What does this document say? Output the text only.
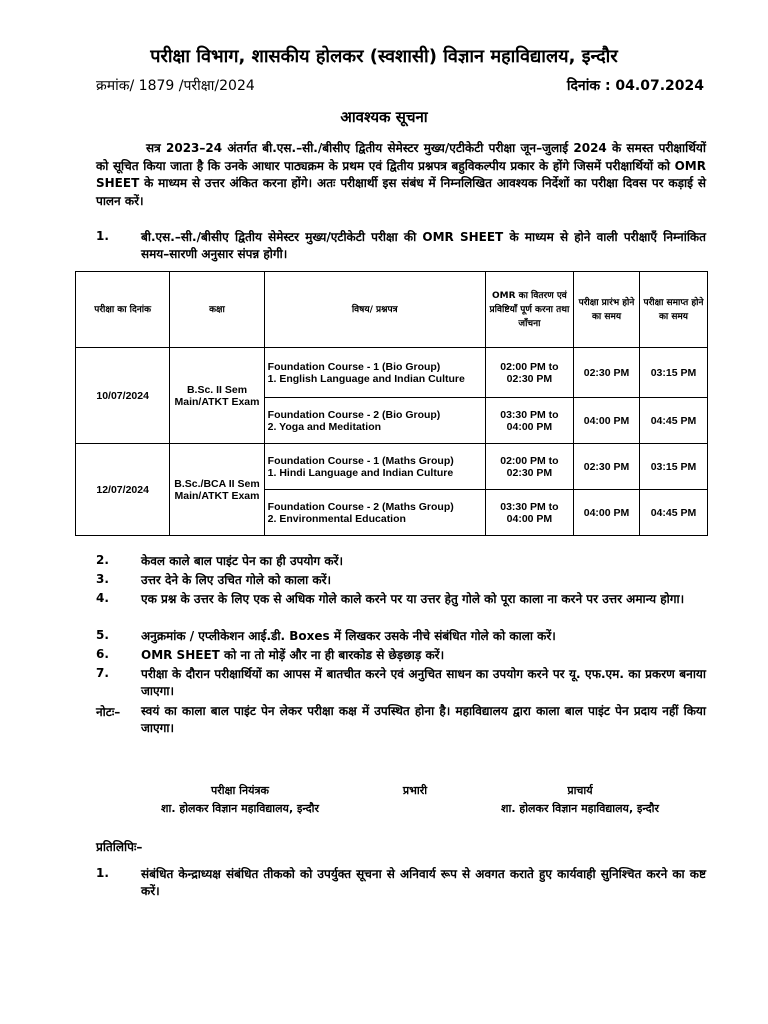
परीक्षा विभाग, शासकीय होलकर (स्वशासी) विज्ञान महाविद्यालय, इन्दौर
क्रमांक/ 1879 /परीक्षा/2024	दिनांक : 04.07.2024
आवश्यक सूचना
सत्र 2023–24 अंतर्गत बी.एस.–सी./बीसीए द्वितीय सेमेस्टर मुख्य/एटीकेटी परीक्षा जून–जुलाई 2024 के समस्त परीक्षार्थियों को सूचित किया जाता है कि उनके आधार पाठ्यक्रम के प्रथम एवं द्वितीय प्रश्नपत्र बहुविकल्पीय प्रकार के होंगे जिसमें परीक्षार्थियों को OMR SHEET के माध्यम से उत्तर अंकित करना होंगे। अतः परीक्षार्थी इस संबंध में निम्नलिखित आवश्यक निर्देशों का परीक्षा दिवस पर कड़ाई से पालन करें।
1.	बी.एस.–सी./बीसीए द्वितीय सेमेस्टर मुख्य/एटीकेटी परीक्षा की OMR SHEET के माध्यम से होने वाली परीक्षाएँ निम्नांकित समय–सारणी अनुसार संपन्न होगी।
परीक्षा का दिनांक	कक्षा	विषय/ प्रश्नपत्र	OMR का वितरण एवं प्रविष्टियाँ पूर्ण करना तथा जाँचना	परीक्षा प्रारंभ होने का समय	परीक्षा समाप्त होने का समय
10/07/2024	B.Sc. II Sem Main/ATKT Exam	Foundation Course - 1 (Bio Group)
1. English Language and Indian Culture	02:00 PM to 02:30 PM	02:30 PM	03:15 PM

		Foundation Course - 2 (Bio Group)
2. Yoga and Meditation	03:30 PM to 04:00 PM	04:00 PM	04:45 PM
12/07/2024	B.Sc./BCA II Sem Main/ATKT Exam	Foundation Course - 1 (Maths Group)
1. Hindi Language and Indian Culture	02:00 PM to 02:30 PM	02:30 PM	03:15 PM

		Foundation Course - 2 (Maths Group)
2. Environmental Education	03:30 PM to 04:00 PM	04:00 PM	04:45 PM
2.	केवल काले बाल पाइंट पेन का ही उपयोग करें।
3.	उत्तर देने के लिए उचित गोले को काला करें।
4.	एक प्रश्न के उत्तर के लिए एक से अधिक गोले काले करने पर या उत्तर हेतु गोले को पूरा काला ना करने पर उत्तर अमान्य होगा।
5.	अनुक्रमांक / एप्लीकेशन आई.डी. Boxes में लिखकर उसके नीचे संबंधित गोले को काला करें।
6.	OMR SHEET को ना तो मोड़ें और ना ही बारकोड से छेड़छाड़ करें।
7.	परीक्षा के दौरान परीक्षार्थियों का आपस में बातचीत करने एवं अनुचित साधन का उपयोग करने पर यू. एफ.एम. का प्रकरण बनाया जाएगा।
नोटः– स्वयं का काला बाल पाइंट पेन लेकर परीक्षा कक्ष में उपस्थित होना है। महाविद्यालय द्वारा काला बाल पाइंट पेन प्रदाय नहीं किया जाएगा।
परीक्षा नियंत्रक
शा. होलकर विज्ञान महाविद्यालय, इन्दौर
प्रभारी	प्राचार्य
शा. होलकर विज्ञान महाविद्यालय, इन्दौर
प्रतिलिपिः–
1.	संबंधित केन्द्राध्यक्ष संबंधित तीकको को उपर्युक्त सूचना से अनिवार्य रूप से अवगत कराते हुए कार्यवाही सुनिश्चित करने का कष्ट करें।
